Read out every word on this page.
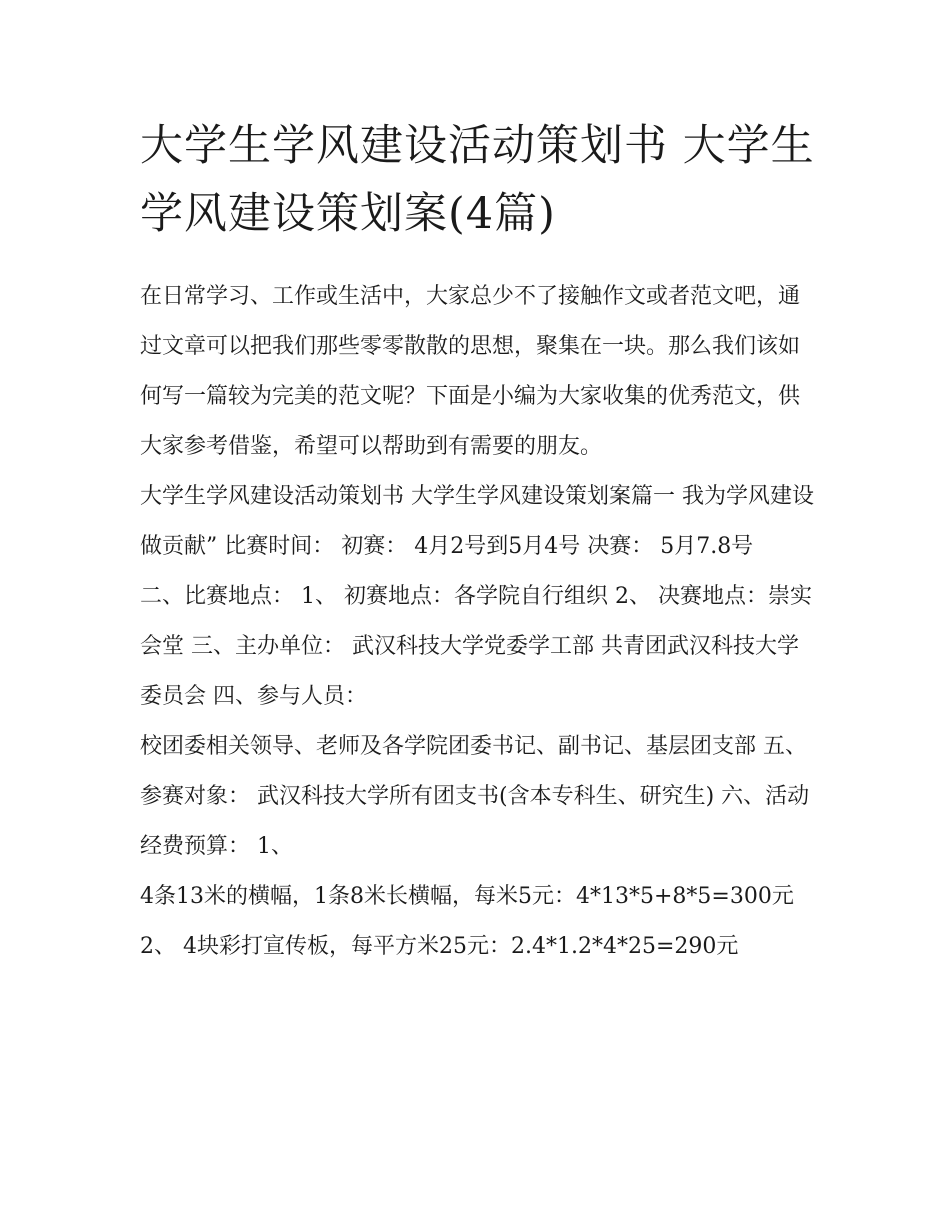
大学生学风建设活动策划书 大学生学风建设策划案(4篇)

在日常学习、工作或生活中，大家总少不了接触作文或者范文吧，通过文章可以把我们那些零零散散的思想，聚集在一块。那么我们该如何写一篇较为完美的范文呢？下面是小编为大家收集的优秀范文，供大家参考借鉴，希望可以帮助到有需要的朋友。

大学生学风建设活动策划书 大学生学风建设策划案篇一 我为学风建设做贡献” 比赛时间： 初赛： 4月2号到5月4号 决赛： 5月7.8号

二、比赛地点： 1、 初赛地点：各学院自行组织 2、 决赛地点：崇实会堂 三、主办单位： 武汉科技大学党委学工部 共青团武汉科技大学委员会 四、参与人员：

校团委相关领导、老师及各学院团委书记、副书记、基层团支部 五、参赛对象： 武汉科技大学所有团支书(含本专科生、研究生) 六、活动经费预算： 1、

4条13米的横幅，1条8米长横幅，每米5元：4*13*5+8*5=300元 2、 4块彩打宣传板，每平方米25元：2.4*1.2*4*25=290元
